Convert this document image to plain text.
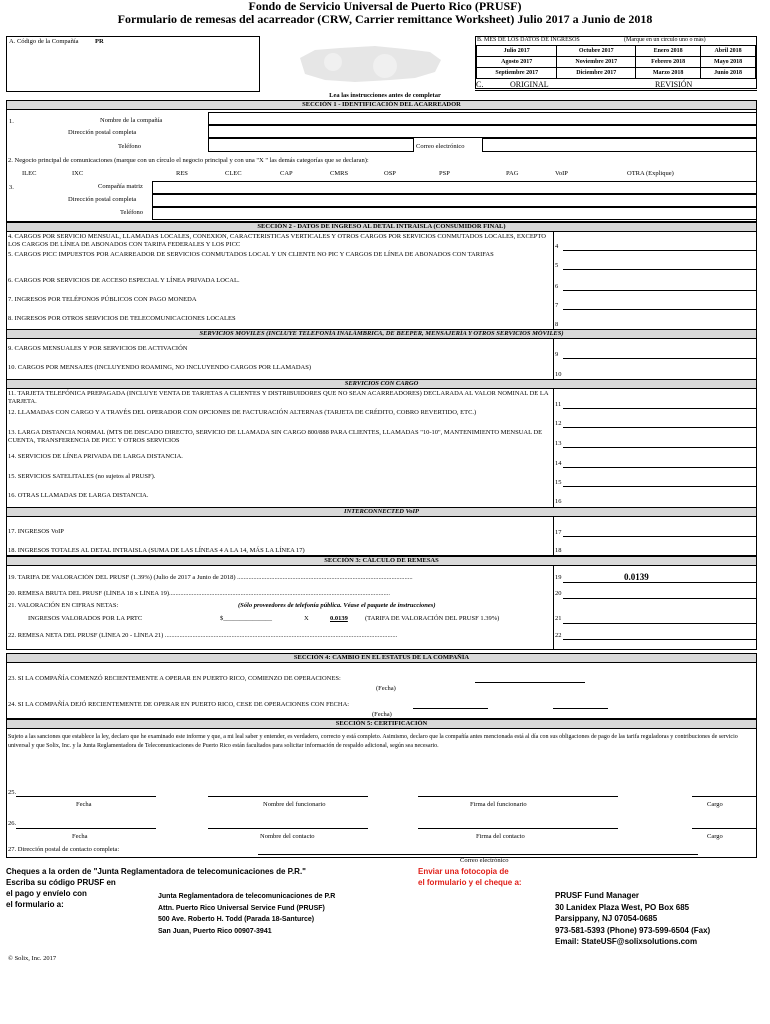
Fondo de Servicio Universal de Puerto Rico (PRUSF)
Formulario de remesas del acarreador (CRW, Carrier remittance Worksheet) Julio 2017 a Junio de 2018
A. Código de la Compañía	PR	B. MES DE LOS DATOS DE INGRESOS	(Marque en un círculo uno o más)
Julio 2017	Octubre 2017	Enero 2018	Abril 2018
Agosto 2017	Noviembre 2017	Febrero 2018	Mayo 2018
Septiembre 2017	Diciembre 2017	Marzo 2018	Junio 2018
C.	ORIGINAL	REVISIÓN
Lea las instrucciones antes de completar
SECCIÓN 1 - IDENTIFICACIÓN DEL ACARREADOR
1.	Nombre de la compañía
Dirección postal completa
Teléfono	Correo electrónico
2. Negocio principal de comunicaciones (marque con un círculo el negocio principal y con una "X " las demás categorías que se declaran):
ILEC	IXC	RES	CLEC	CAP	CMRS	OSP	PSP	PAG	VoIP	OTRA (Explique)
3.	Compañía matriz
Dirección postal completa
Teléfono
SECCIÓN 2 - DATOS DE INGRESO AL DETAL INTRAISLA (CONSUMIDOR FINAL)
4. CARGOS POR SERVICIO MENSUAL, LLAMADAS LOCALES, CONEXION, CARACTERISTICAS VERTICALES Y OTROS CARGOS POR SERVICIOS CONMUTADOS LOCALES, EXCEPTO LOS CARGOS DE LÍNEA DE ABONADOS CON TARIFA FEDERALES Y LOS PICC	4
5. CARGOS PICC IMPUESTOS POR ACARREADOR DE SERVICIOS CONMUTADOS LOCAL Y UN CLIENTE NO PIC Y CARGOS DE LÍNEA DE ABONADOS CON TARIFAS
5
6. CARGOS POR SERVICIOS DE ACCESO ESPECIAL Y LÍNEA PRIVADA LOCAL.
6
7. INGRESOS POR TELÉFONOS PÚBLICOS CON PAGO MONEDA
7
8. INGRESOS POR OTROS SERVICIOS DE TELECOMUNICACIONES LOCALES
8
SERVICIOS MOVILES (INCLUYE TELEFONÍA INALÁMBRICA, DE BEEPER, MENSAJERÍA Y OTROS SERVICIOS MÓVILES)
9. CARGOS MENSUALES Y POR SERVICIOS DE ACTIVACIÓN
9
10. CARGOS POR MENSAJES (INCLUYENDO ROAMING, NO INCLUYENDO CARGOS POR LLAMADAS)
10
SERVICIOS CON CARGO
11. TARJETA TELEFÓNICA PREPAGADA (INCLUYE VENTA DE TARJETAS A CLIENTES Y DISTRIBUIDORES QUE NO SEAN ACARREADORES) DECLARADA AL VALOR NOMINAL DE LA TARJETA.	11
12. LLAMADAS CON CARGO Y A TRAVÉS DEL OPERADOR CON OPCIONES DE FACTURACIÓN ALTERNAS (TARJETA DE CRÉDITO, COBRO REVERTIDO, ETC.)
12
13. LARGA DISTANCIA NORMAL (MTS DE DISCADO DIRECTO, SERVICIO DE LLAMADA SIN CARGO 800/888 PARA CLIENTES, LLAMADAS "10-10", MANTENIMIENTO MENSUAL DE CUENTA, TRANSFERENCIA DE PICC Y OTROS SERVICIOS	13
14. SERVICIOS DE LÍNEA PRIVADA DE LARGA DISTANCIA.
14
15. SERVICIOS SATELITALES (no sujetos al PRUSF).
15
16. OTRAS LLAMADAS DE LARGA DISTANCIA.
16
INTERCONNECTED VoIP
17. INGRESOS VoIP	17
18. INGRESOS TOTALES AL DETAL INTRAISLA (SUMA DE LAS LÍNEAS 4 A LA 14, MÁS LA LÍNEA 17)	18
SECCIÓN 3: CÁLCULO DE REMESAS
19. TARIFA DE VALORACIÓN DEL PRUSF (1.39%) (Julio de 2017 a Junio de 2018) ............................................................................................................	19	0.0139
20. REMESA BRUTA DEL PRUSF (LÍNEA 18 x LÍNEA 19)........................................................................................................................................	20
21. VALORACIÓN EN CIFRAS NETAS:	(Sólo proveedores de telefonía pública. Véase el paquete de instrucciones)
INGRESOS VALORADOS POR LA PRTC	$_______________	X	0.0139	(TARIFA DE VALORACIÓN DEL PRUSF 1.39%)	21
22. REMESA NETA DEL PRUSF (LÍNEA 20 - LÍNEA 21) ...............................................................................................................................................	22
SECCIÓN 4: CAMBIO EN EL ESTATUS DE LA COMPAÑÍA
23. SI LA COMPAÑÍA COMENZÓ RECIENTEMENTE A OPERAR EN PUERTO RICO, COMIENZO DE OPERACIONES:
(Fecha)
24. SI LA COMPAÑÍA DEJÓ RECIENTEMENTE DE OPERAR EN PUERTO RICO, CESE DE OPERACIONES CON FECHA:
(Fecha)
SECCIÓN 5: CERTIFICACIÓN
Sujeto a las sanciones que establece la ley, declaro que he examinado este informe y que, a mi leal saber y entender, es verdadero, correcto y está completo. Asimismo, declaro que la compañía antes mencionada está al día con sus obligaciones de pago de las tarifa reguladoras y contribuciones de servicio universal y que Solix, Inc. y la Junta Reglamentadora de Telecomunicaciones de Puerto Rico están facultados para solicitar información de respaldo adicional, según sea necesario.
25.
Fecha	Nombre del funcionario	Firma del funcionario	Cargo
26.
Fecha	Nombre del contacto	Firma del contacto	Cargo
27. Dirección postal de contacto completa:
Correo electrónico
Cheques a la orden de "Junta Reglamentadora de telecomunicaciones de P.R."
Escriba su código PRUSF en
el pago y envíelo con
el formulario a:
Enviar una fotocopia de
el formulario y el cheque a:
Junta Reglamentadora de telecomunicaciones de P.R
Attn. Puerto Rico Universal Service Fund (PRUSF)
500 Ave. Roberto H. Todd (Parada 18-Santurce)
San Juan, Puerto Rico 00907-3941
PRUSF Fund Manager
30 Lanidex Plaza West, PO Box 685
Parsippany, NJ 07054-0685
973-581-5393 (Phone) 973-599-6504 (Fax)
Email: StateUSF@solixsolutions.com
© Solix, Inc. 2017
